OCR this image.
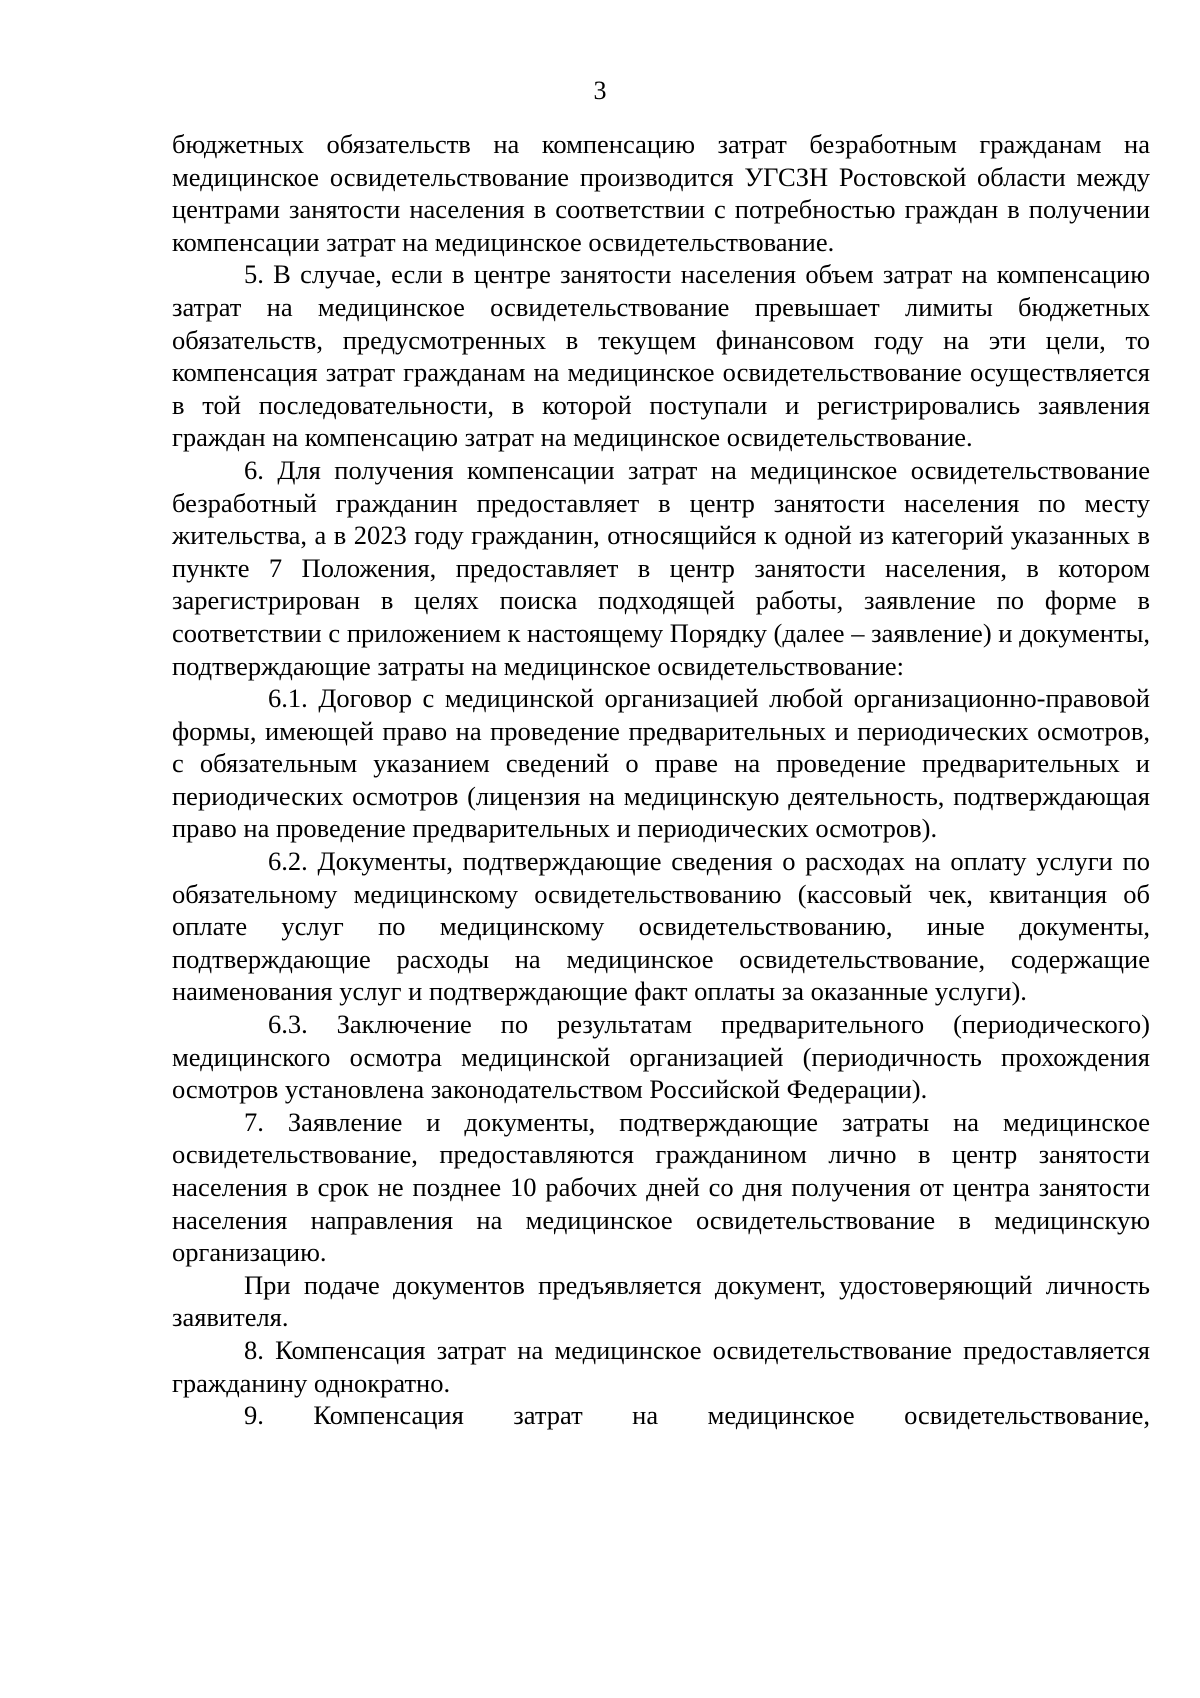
3

бюджетных обязательств на компенсацию затрат безработным гражданам на медицинское освидетельствование производится УГСЗН Ростовской области между центрами занятости населения в соответствии с потребностью граждан в получении компенсации затрат на медицинское освидетельствование.

5. В случае, если в центре занятости населения объем затрат на компенсацию затрат на медицинское освидетельствование превышает лимиты бюджетных обязательств, предусмотренных в текущем финансовом году на эти цели, то компенсация затрат гражданам на медицинское освидетельствование осуществляется в той последовательности, в которой поступали и регистрировались заявления граждан на компенсацию затрат на медицинское освидетельствование.

6. Для получения компенсации затрат на медицинское освидетельствование безработный гражданин предоставляет в центр занятости населения по месту жительства, а в 2023 году гражданин, относящийся к одной из категорий указанных в пункте 7 Положения, предоставляет в центр занятости населения, в котором зарегистрирован в целях поиска подходящей работы, заявление по форме в соответствии с приложением к настоящему Порядку (далее – заявление) и документы, подтверждающие затраты на медицинское освидетельствование:

6.1. Договор с медицинской организацией любой организационно-правовой формы, имеющей право на проведение предварительных и периодических осмотров, с обязательным указанием сведений о праве на проведение предварительных и периодических осмотров (лицензия на медицинскую деятельность, подтверждающая право на проведение предварительных и периодических осмотров).

6.2. Документы, подтверждающие сведения о расходах на оплату услуги по обязательному медицинскому освидетельствованию (кассовый чек, квитанция об оплате услуг по медицинскому освидетельствованию, иные документы, подтверждающие расходы на медицинское освидетельствование, содержащие наименования услуг и подтверждающие факт оплаты за оказанные услуги).

6.3. Заключение по результатам предварительного (периодического) медицинского осмотра медицинской организацией (периодичность прохождения осмотров установлена законодательством Российской Федерации).

7. Заявление и документы, подтверждающие затраты на медицинское освидетельствование, предоставляются гражданином лично в центр занятости населения в срок не позднее 10 рабочих дней со дня получения от центра занятости населения направления на медицинское освидетельствование в медицинскую организацию.

При подаче документов предъявляется документ, удостоверяющий личность заявителя.

8. Компенсация затрат на медицинское освидетельствование предоставляется гражданину однократно.

9. Компенсация затрат на медицинское освидетельствование,
